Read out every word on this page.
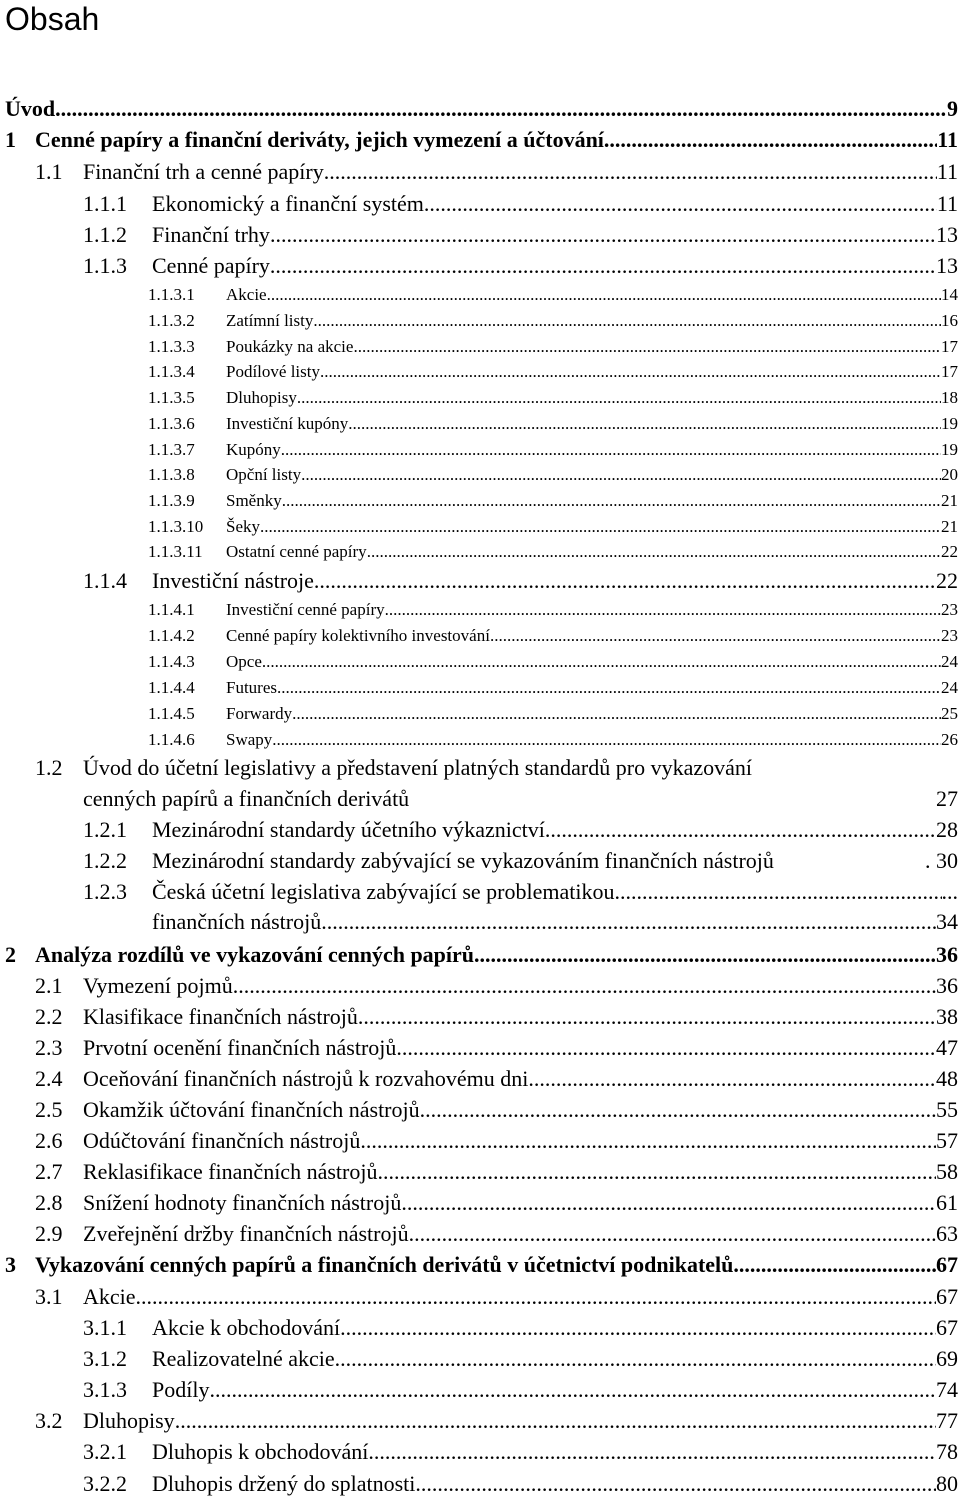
Obsah
Úvod .....	9
1 Cenné papíry a finanční deriváty, jejich vymezení a účtování .....	11
1.1 Finanční trh a cenné papíry .....	11
1.1.1 Ekonomický a finanční systém .....	11
1.1.2 Finanční trhy .....	13
1.1.3 Cenné papíry .....	13
1.1.3.1 Akcie .....	14
1.1.3.2 Zatímní listy .....	16
1.1.3.3 Poukázky na akcie .....	17
1.1.3.4 Podílové listy .....	17
1.1.3.5 Dluhopisy .....	18
1.1.3.6 Investiční kupóny .....	19
1.1.3.7 Kupóny .....	19
1.1.3.8 Opční listy .....	20
1.1.3.9 Směnky .....	21
1.1.3.10 Šeky .....	21
1.1.3.11 Ostatní cenné papíry .....	22
1.1.4 Investiční nástroje .....	22
1.1.4.1 Investiční cenné papíry .....	23
1.1.4.2 Cenné papíry kolektivního investování .....	23
1.1.4.3 Opce .....	24
1.1.4.4 Futures .....	24
1.1.4.5 Forwardy .....	25
1.1.4.6 Swapy .....	26
1.2 Úvod do účetní legislativy a představení platných standardů pro vykazování
cenných papírů a finančních derivátů	27
1.2.1 Mezinárodní standardy účetního výkaznictví .....	28
1.2.2 Mezinárodní standardy zabývající se vykazováním finančních nástrojů	. 30
1.2.3 Česká účetní legislativa zabývající se problematikou .....	...
finančních nástrojů .....	34
2 Analýza rozdílů ve vykazování cenných papírů .....	36
2.1 Vymezení pojmů .....	36
2.2 Klasifikace finančních nástrojů .....	38
2.3 Prvotní ocenění finančních nástrojů .....	47
2.4 Oceňování finančních nástrojů k rozvahovému dni .....	48
2.5 Okamžik účtování finančních nástrojů .....	55
2.6 Odúčtování finančních nástrojů .....	57
2.7 Reklasifikace finančních nástrojů .....	58
2.8 Snížení hodnoty finančních nástrojů .....	61
2.9 Zveřejnění držby finančních nástrojů .....	63
3 Vykazování cenných papírů a finančních derivátů v účetnictví podnikatelů .....	67
3.1 Akcie .....	67
3.1.1 Akcie k obchodování .....	67
3.1.2 Realizovatelné akcie .....	69
3.1.3 Podíly .....	74
3.2 Dluhopisy .....	77
3.2.1 Dluhopis k obchodování .....	78
3.2.2 Dluhopis držený do splatnosti .....	80
